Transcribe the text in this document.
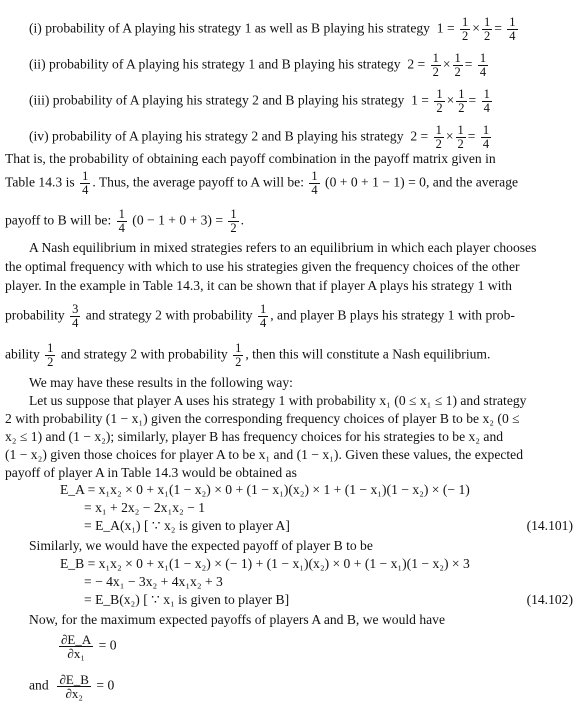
(i) probability of A playing his strategy 1 as well as B playing his strategy  $1 = \frac{1}{2} \times \frac{1}{2} = \frac{1}{4}$
(ii) probability of A playing his strategy 1 and B playing his strategy  $2 = \frac{1}{2} \times \frac{1}{2} = \frac{1}{4}$
(iii) probability of A playing his strategy 2 and B playing his strategy  $1 = \frac{1}{2} \times \frac{1}{2} = \frac{1}{4}$
(iv) probability of A playing his strategy 2 and B playing his strategy  $2 = \frac{1}{2} \times \frac{1}{2} = \frac{1}{4}$
That is, the probability of obtaining each payoff combination in the payoff matrix given in
Table 14.3 is $\frac{1}{4}$ . Thus, the average payoff to A will be: $\frac{1}{4} (0 + 0 + 1 - 1) = 0$, and the average
payoff to B will be: $\frac{1}{4} (0 - 1 + 0 + 3) = \frac{1}{2}$ .
A Nash equilibrium in mixed strategies refers to an equilibrium in which each player chooses
the optimal frequency with which to use his strategies given the frequency choices of the other
player. In the example in Table 14.3, it can be shown that if player A plays his strategy 1 with
probability $\frac{3}{4}$ and strategy 2 with probability $\frac{1}{4}$ , and player B plays his strategy 1 with prob-
ability $\frac{1}{2}$ and strategy 2 with probability $\frac{1}{2}$ , then this will constitute a Nash equilibrium.
We may have these results in the following way:
Let us suppose that player A uses his strategy 1 with probability x₁ (0 ≤ x₁ ≤ 1) and strategy
2 with probability (1 − x₁) given the corresponding frequency choices of player B to be x₂ (0 ≤
x₂ ≤ 1) and (1 − x₂); similarly, player B has frequency choices for his strategies to be x₂ and
(1 − x₂) given those choices for player A to be x₁ and (1 − x₁). Given these values, the expected
payoff of player A in Table 14.3 would be obtained as
E_A = x₁x₂ × 0 + x₁(1 − x₂) × 0 + (1 − x₁)(x₂) × 1 + (1 − x₁)(1 − x₂) × (− 1)
= x₁ + 2x₂ − 2x₁x₂ − 1
= E_A(x₁) [ ∵ x₂ is given to player A]	(14.101)
Similarly, we would have the expected payoff of player B to be
E_B = x₁x₂ × 0 + x₁(1 − x₂) × (− 1) + (1 − x₁)(x₂) × 0 + (1 − x₁)(1 − x₂) × 3
= − 4x₁ − 3x₂ + 4x₁x₂ + 3
= E_B(x₂) [ ∵ x₁ is given to player B]	(14.102)
Now, for the maximum expected payoffs of players A and B, we would have
$\frac{\partial E\_A}{\text{∂x₁}} = 0$
and $\frac{\partial E\_B}{\text{∂x₂}} = 0$
